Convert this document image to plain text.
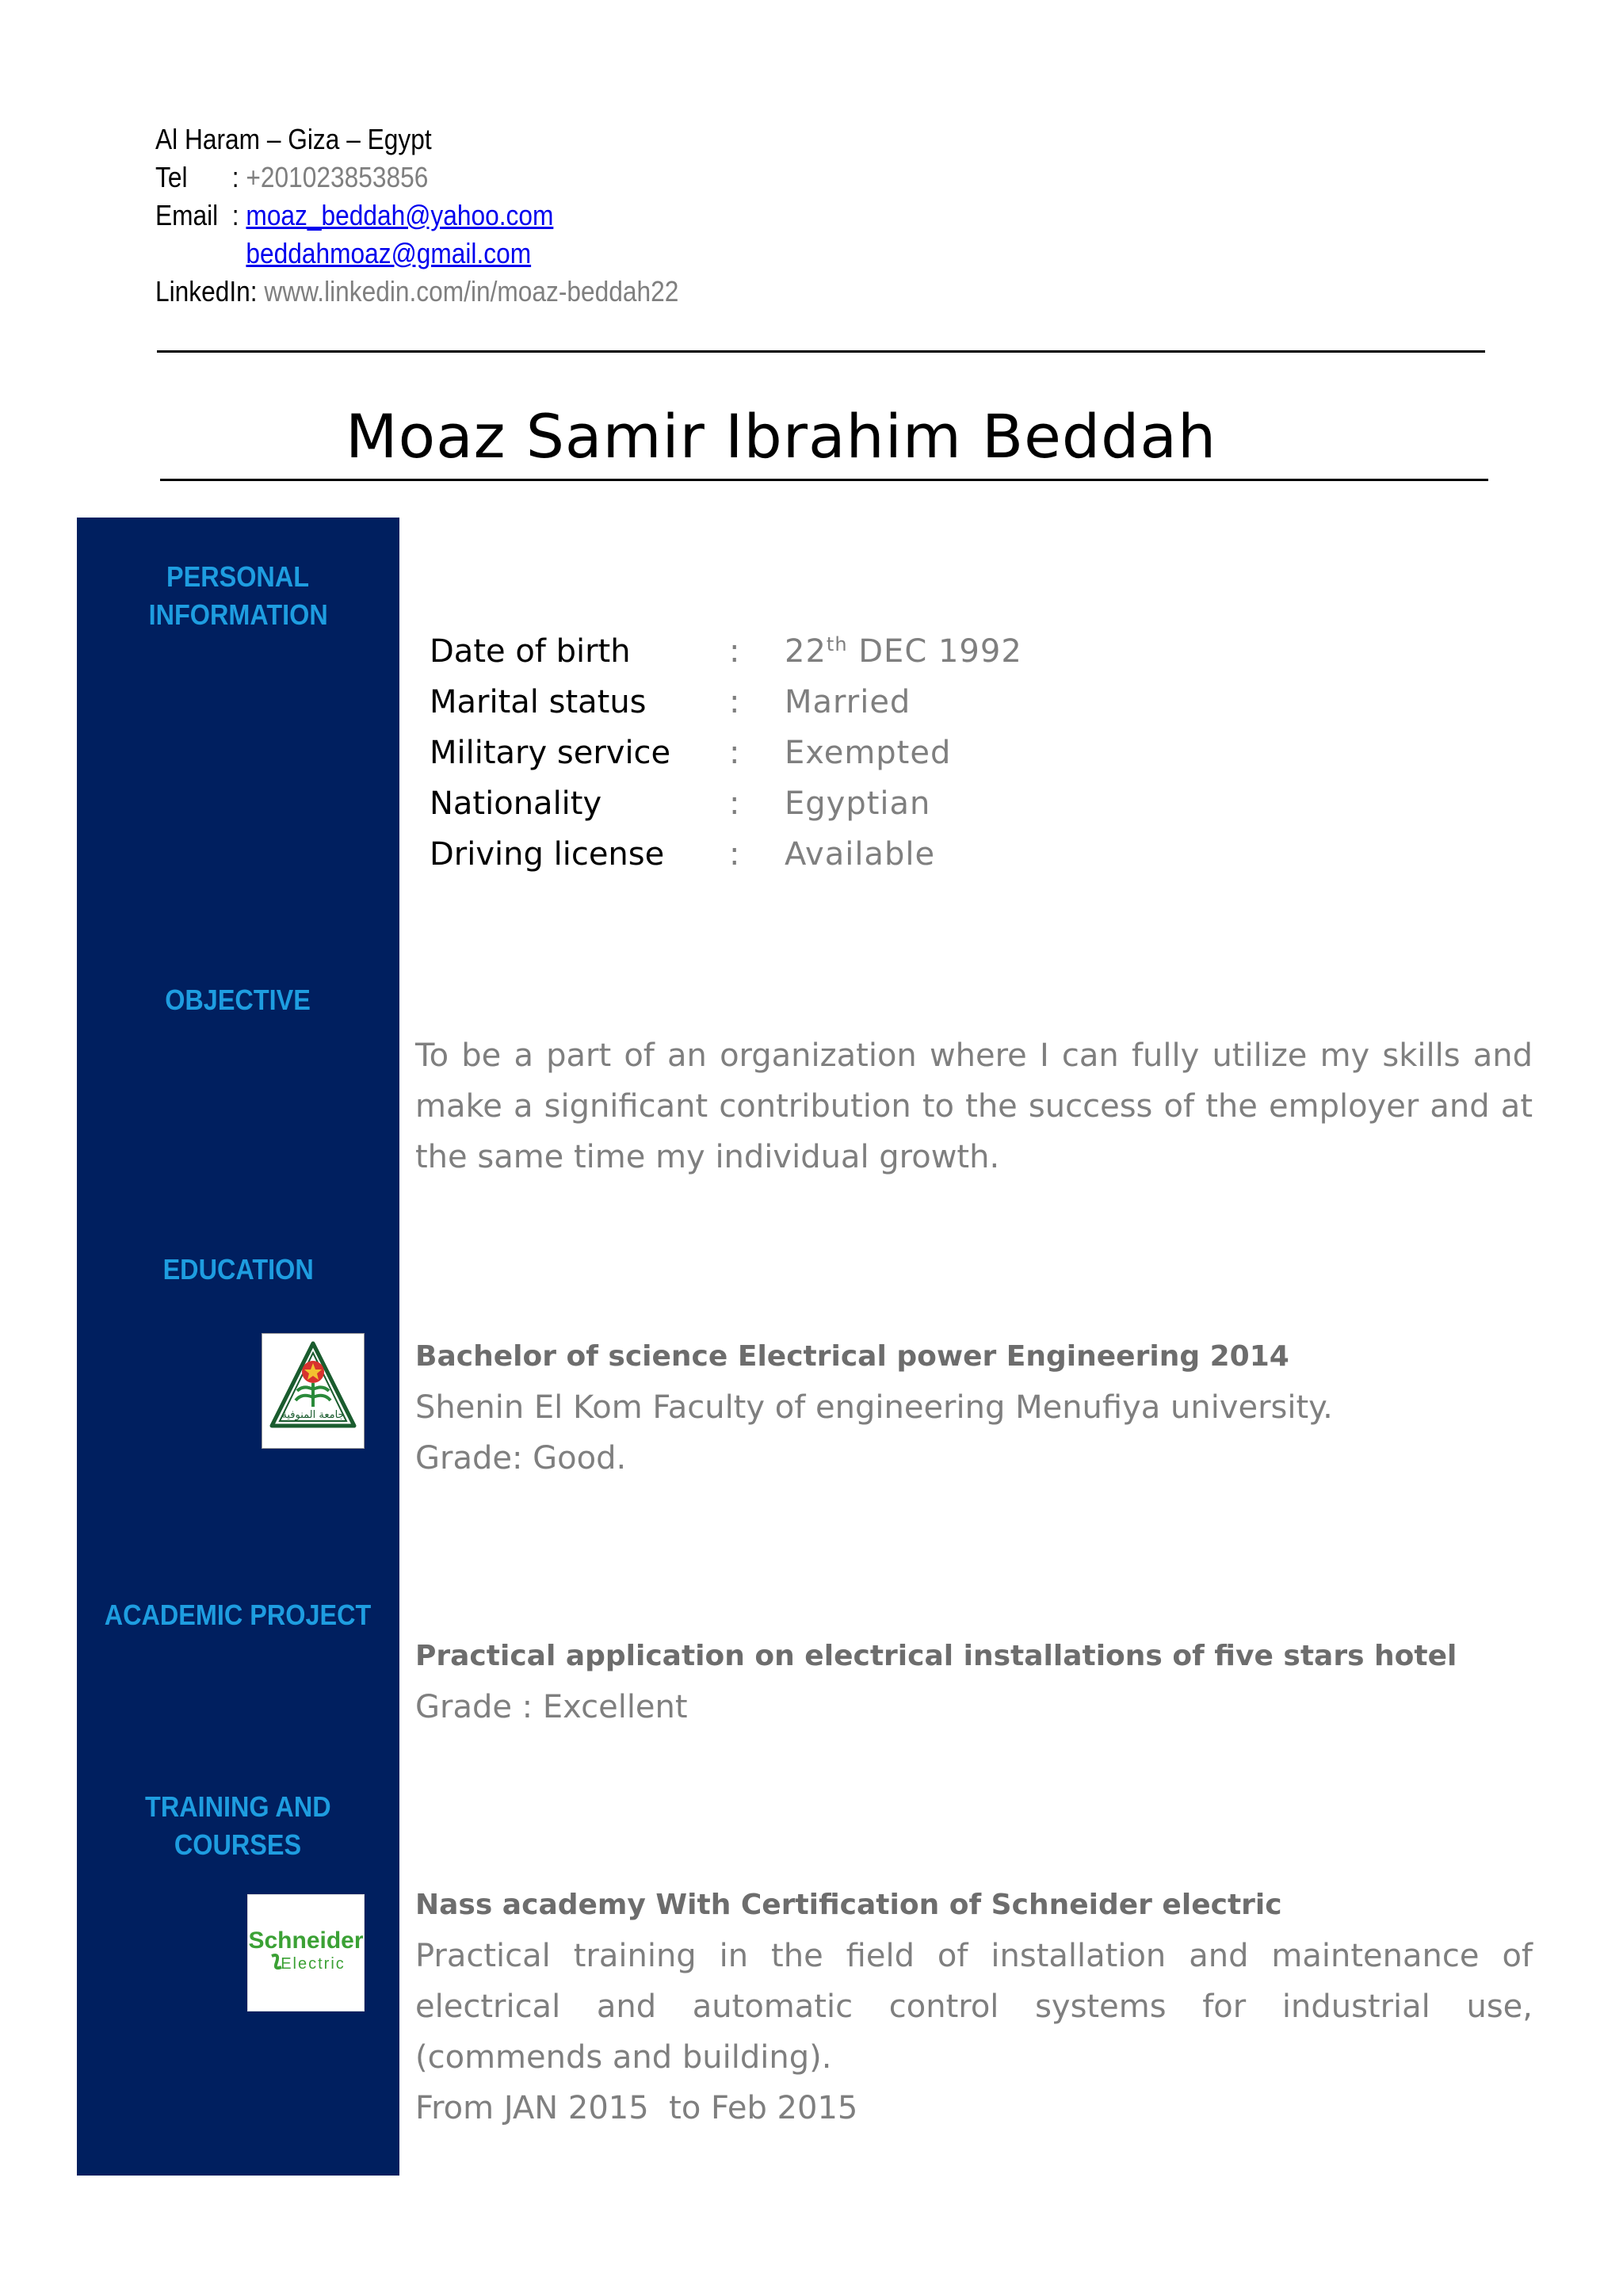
Al Haram – Giza – Egypt
Tel	:
+201023853856
Email :
moaz_beddah@yahoo.com
beddahmoaz@gmail.com
LinkedIn:
www.linkedin.com/in/moaz-beddah22
Moaz Samir Ibrahim Beddah
PERSONAL
INFORMATION
OBJECTIVE
EDUCATION
ACADEMIC PROJECT
TRAINING AND
COURSES
جامعة المنوفية
Schneider
Electric
Date of birth	:	22th DEC 1992
Marital status	:	Married
Military service	:	Exempted
Nationality	:	Egyptian
Driving license	:	Available
To be a part of an organization where I can fully utilize my skills and make a significant contribution to the success of the employer and at the same time my individual growth.
Bachelor of science Electrical power Engineering 2014
Shenin El Kom Faculty of engineering Menufiya university.
Grade: Good.
Practical application on electrical installations of five stars hotel
Grade : Excellent
Nass academy With Certification of Schneider electric
Practical training in the field of installation and maintenance of electrical and automatic control systems for industrial use, (commends and building).
From JAN 2015  to Feb 2015
